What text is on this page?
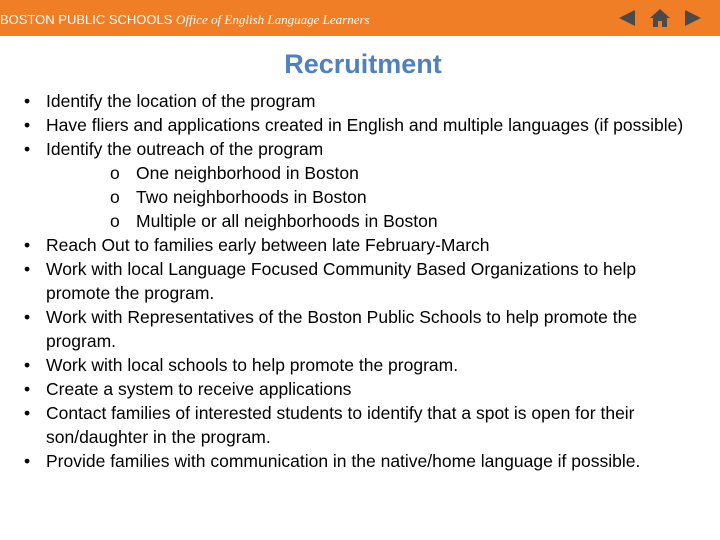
BOSTON PUBLIC SCHOOLS Office of English Language Learners
Recruitment
• Identify the location of the program
• Have fliers and applications created in English and multiple languages (if possible)
• Identify the outreach of the program
o One neighborhood in Boston
o Two neighborhoods in Boston
o Multiple or all neighborhoods in Boston
• Reach Out to families early between late February-March
• Work with local Language Focused Community Based Organizations to help promote the program.
• Work with Representatives of the Boston Public Schools to help promote the program.
• Work with local schools to help promote the program.
• Create a system to receive applications
• Contact families of interested students to identify that a spot is open for their son/daughter in the program.
• Provide families with communication in the native/home language if possible.
